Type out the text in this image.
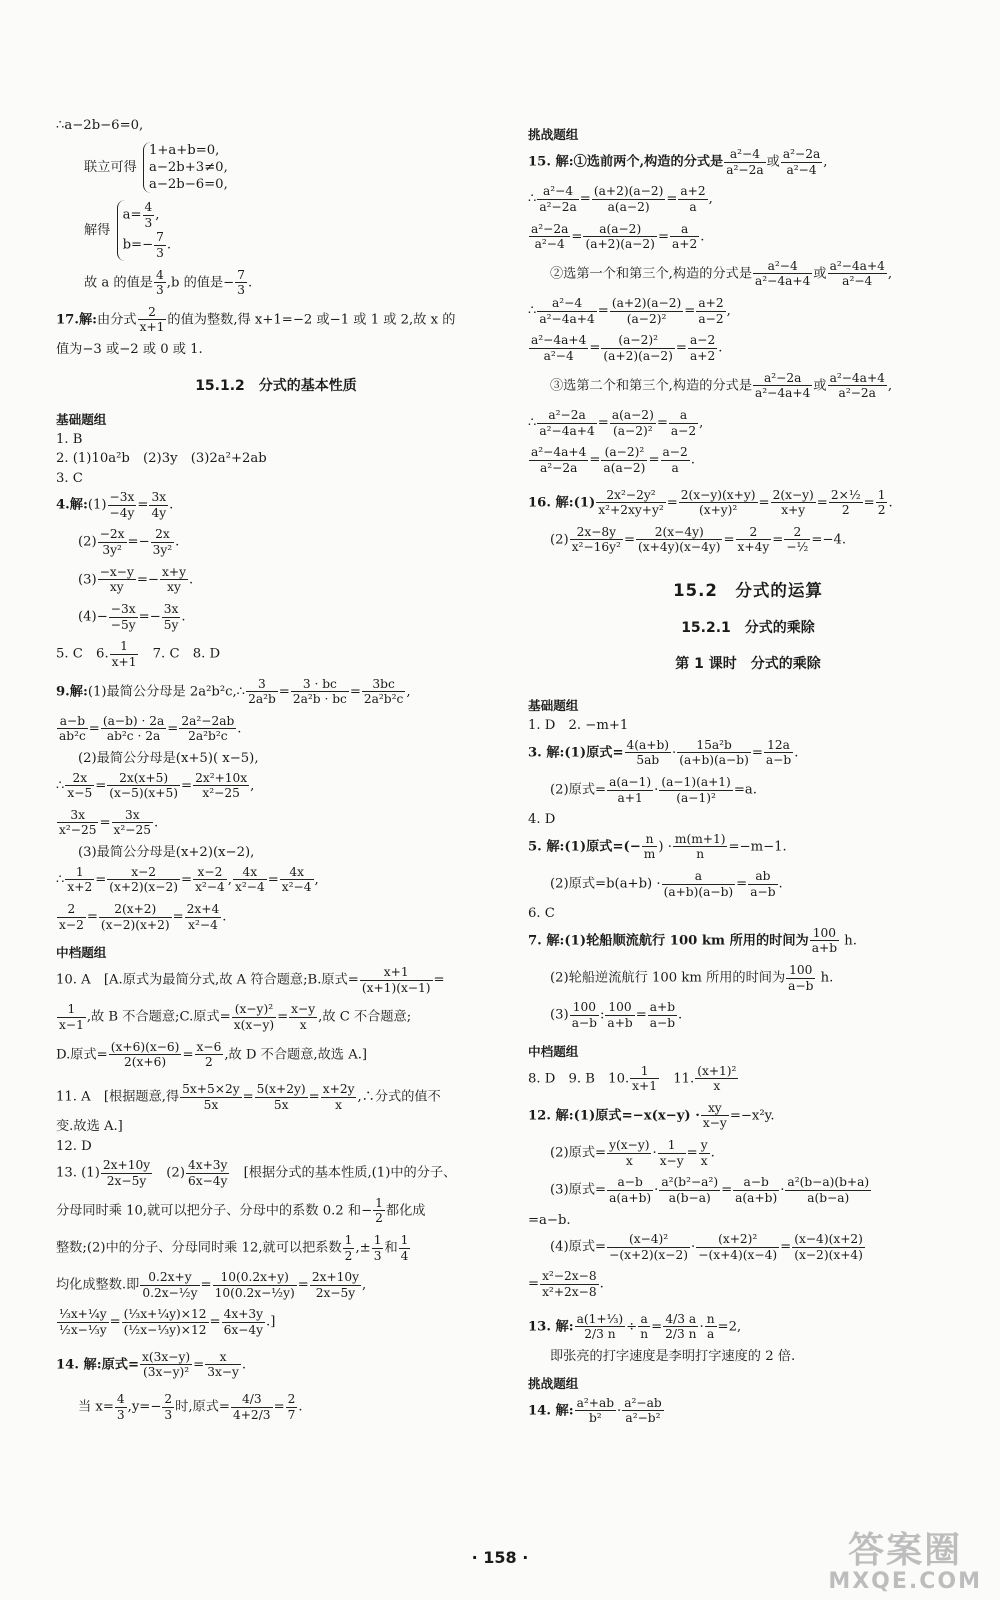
∴a−2b−6=0,
联立可得
1+a+b=0,
a−2b+3≠0,
a−2b−6=0,
解得
$a= \frac{4}{3}$ ,
$b=- \frac{7}{3}$ .
故 a 的值是 $\frac{4}{3} ,b$ 的值是− $\frac{7}{3}$ .
17.解:由分式 $\frac{2}{x+1}$ 的值为整数,得 x+1=−2 或−1 或 1 或 2,故 x 的
值为−3 或−2 或 0 或 1.
15.1.2　分式的基本性质
基础题组
1. B
2. (1)10a²b　(2)3y　(3)2a²+2ab
3. C
4.解:(1) $\frac{-3x}{-4y} = \frac{3x}{4y}$ .
$(2) \frac{-2x}{\text{3y²}} =- \frac{2x}{\text{3y²}}$ .
$(3) \frac{-x-y}{xy} =- \frac{x+y}{xy}$ .
$(4)- \frac{-3x}{-5y} =- \frac{3x}{5y}$ .
5. C　6. $\frac{1}{x+1}$
　 7. C　8. D
9.解:(1)最简公分母是 2a²b²c,∴ $\frac{3}{\text{2a²b}} = \frac{3 \cdot bc}{\text{2a²b · bc}} = \frac{3bc}{\text{2a²b²c}}$ ,
$\frac{a-b}{\text{ab²c}} = \frac{(a-b) \cdot 2a}{\text{ab²c · 2a}} = \frac{\text{2a²−2ab}}{\text{2a²b²c}}$ .
(2)最简公分母是(x+5)( x−5),
∴ $\frac{2x}{x-5} = \frac{2x(x+5)}{(x-5)(x+5)} = \frac{\text{2x²+10x}}{\text{x²−25}}$ ,
$\frac{3x}{\text{x²−25}} = \frac{3x}{\text{x²−25}}$ .
(3)最简公分母是(x+2)(x−2),
∴ $\frac{1}{x+2} = \frac{x-2}{(x+2)(x-2)} = \frac{x-2}{\text{x²−4}}$ , $\frac{4x}{\text{x²−4}} = \frac{4x}{\text{x²−4}}$ ,
$\frac{2}{x-2} = \frac{2(x+2)}{(x-2)(x+2)} = \frac{2x+4}{\text{x²−4}}$ .
中档题组
10. A　[A.原式为最简分式,故 A 符合题意;B.原式= $\frac{x+1}{(x+1)(x-1)}$ =
$\frac{1}{x-1}$ ,故 B 不合题意;C.原式= $\frac{\text{(x−y)²}}{x(x-y)} = \frac{x-y}{x}$ ,故 C 不合题意;
D.原式= $\frac{(x+6)(x-6)}{2(x+6)} = \frac{x-6}{2}$ ,故 D 不合题意,故选 A.]
11. A　[根据题意,得 $\frac{5x+5\times 2y}{5x} = \frac{5(x+2y)}{5x} = \frac{x+2y}{x}$ ,∴分式的值不
变.故选 A.]
12. D
13. $(1) \frac{2x+10y}{2x-5y}$
　 $(2) \frac{4x+3y}{6x-4y}$
　 [根据分式的基本性质,(1)中的分子、
分母同时乘 10,就可以把分子、分母中的系数 0.2 和− $\frac{1}{2}$ 都化成
整数;(2)中的分子、分母同时乘 12,就可以把系数 $\frac{1}{2}$ ,± $\frac{1}{3}$ 和 $\frac{1}{4}$
均化成整数.即 $\frac{0.2x+y}{\text{0.2x−½y}} = \frac{10(0.2x+y)}{\text{10(0.2x−½y)}} = \frac{2x+10y}{2x-5y}$ ,
$\frac{\text{⅓x+¼y}}{\text{½x−⅓y}} = \frac{\text{(⅓x+¼y)×12}}{\text{(½x−⅓y)×12}} = \frac{4x+3y}{6x-4y}$ .]
14. 解:原式= $\frac{x(3x-y)}{\text{(3x−y)²}} = \frac{x}{3x-y}$ .
当 $x= \frac{4}{3} ,y=- \frac{2}{3}$ 时,原式= $\frac{4/3}{4+2/3} = \frac{2}{7}$ .
挑战题组
15. 解:①选前两个,构造的分式是 $\frac{\text{a²−4}}{\text{a²−2a}}$ 或 $\frac{\text{a²−2a}}{\text{a²−4}}$ ,
∴ $\frac{\text{a²−4}}{\text{a²−2a}} = \frac{(a+2)(a-2)}{a(a-2)} = \frac{a+2}{a}$ ,
$\frac{\text{a²−2a}}{\text{a²−4}} = \frac{a(a-2)}{(a+2)(a-2)} = \frac{a}{a+2}$ .
②选第一个和第三个,构造的分式是 $\frac{\text{a²−4}}{\text{a²−4a+4}}$ 或 $\frac{\text{a²−4a+4}}{\text{a²−4}}$ ,
∴ $\frac{\text{a²−4}}{\text{a²−4a+4}} = \frac{(a+2)(a-2)}{\text{(a−2)²}} = \frac{a+2}{a-2}$ ,
$\frac{\text{a²−4a+4}}{\text{a²−4}} = \frac{\text{(a−2)²}}{(a+2)(a-2)} = \frac{a-2}{a+2}$ .
③选第二个和第三个,构造的分式是 $\frac{\text{a²−2a}}{\text{a²−4a+4}}$ 或 $\frac{\text{a²−4a+4}}{\text{a²−2a}}$ ,
∴ $\frac{\text{a²−2a}}{\text{a²−4a+4}} = \frac{a(a-2)}{\text{(a−2)²}} = \frac{a}{a-2}$ ,
$\frac{\text{a²−4a+4}}{\text{a²−2a}} = \frac{\text{(a−2)²}}{a(a-2)} = \frac{a-2}{a}$ .
16. 解:(1) $\frac{\text{2x²−2y²}}{\text{x²+2xy+y²}} = \frac{2(x-y)(x+y)}{\text{(x+y)²}} = \frac{2(x-y)}{x+y} = \frac{\text{2×½}}{2} = \frac{1}{2}$ .
$(2) \frac{2x-8y}{\text{x²−16y²}} = \frac{2(x-4y)}{(x+4y)(x-4y)} = \frac{2}{x+4y} = \frac{2}{\text{−½}} =-4$.
15.2　分式的运算
15.2.1　分式的乘除
第 1 课时　分式的乘除
基础题组
1. D　2. −m+1
3. 解:(1)原式= $\frac{4(a+b)}{5ab} \cdot \frac{\text{15a²b}}{(a+b)(a-b)} = \frac{12a}{a-b}$ .
(2)原式= $\frac{a(a-1)}{a+1} \cdot \frac{(a-1)(a+1)}{\text{(a−1)²}} =a$.
4. D
5. 解:(1)原式=(− $\frac{n}{m}$ ) · $\frac{m(m+1)}{n} =-m-1$.
(2)原式$=b(a+b) \cdot \frac{a}{(a+b)(a-b)} = \frac{ab}{a-b}$ .
6. C
7. 解:(1)轮船顺流航行 100 km 所用的时间为 $\frac{100}{a+b} h$.
(2)轮船逆流航行 100 km 所用的时间为 $\frac{100}{a-b} h$.
$(3) \frac{100}{a-b}$ : $\frac{100}{a+b} = \frac{a+b}{a-b}$ .
中档题组
8. D　9. B　10. $\frac{1}{x+1}$
　 11. $\frac{\text{(x+1)²}}{x}$
12. 解:(1)原式$=-x(x-y) \cdot \frac{xy}{x-y} =-x^2y$.
(2)原式= $\frac{y(x-y)}{x} \cdot \frac{1}{x-y} = \frac{y}{x}$ .
(3)原式= $\frac{a-b}{a(a+b)} \cdot \frac{\text{a²(b²−a²)}}{a(b-a)} = \frac{a-b}{a(a+b)} \cdot \frac{\text{a²(b−a)(b+a)}}{a(b-a)}$
=a−b.
(4)原式= $\frac{\text{(x−4)²}}{-(x+2)(x-2)} \cdot \frac{\text{(x+2)²}}{-(x+4)(x-4)} = \frac{(x-4)(x+2)}{(x-2)(x+4)}$
= $\frac{\text{x²−2x−8}}{\text{x²+2x−8}}$ .
13. 解: $\frac{\text{a(1+⅓)}}{2/3 n} \div \frac{a}{n} = \frac{4/3 a}{2/3 n} \cdot \frac{n}{a} =2$,
即张亮的打字速度是李明打字速度的 2 倍.
挑战题组
14. 解: $\frac{\text{a²+ab}}{\text{b²}} \cdot \frac{\text{a²−ab}}{\text{a²−b²}}$
· 158 ·	答案圈
MXQE.COM
